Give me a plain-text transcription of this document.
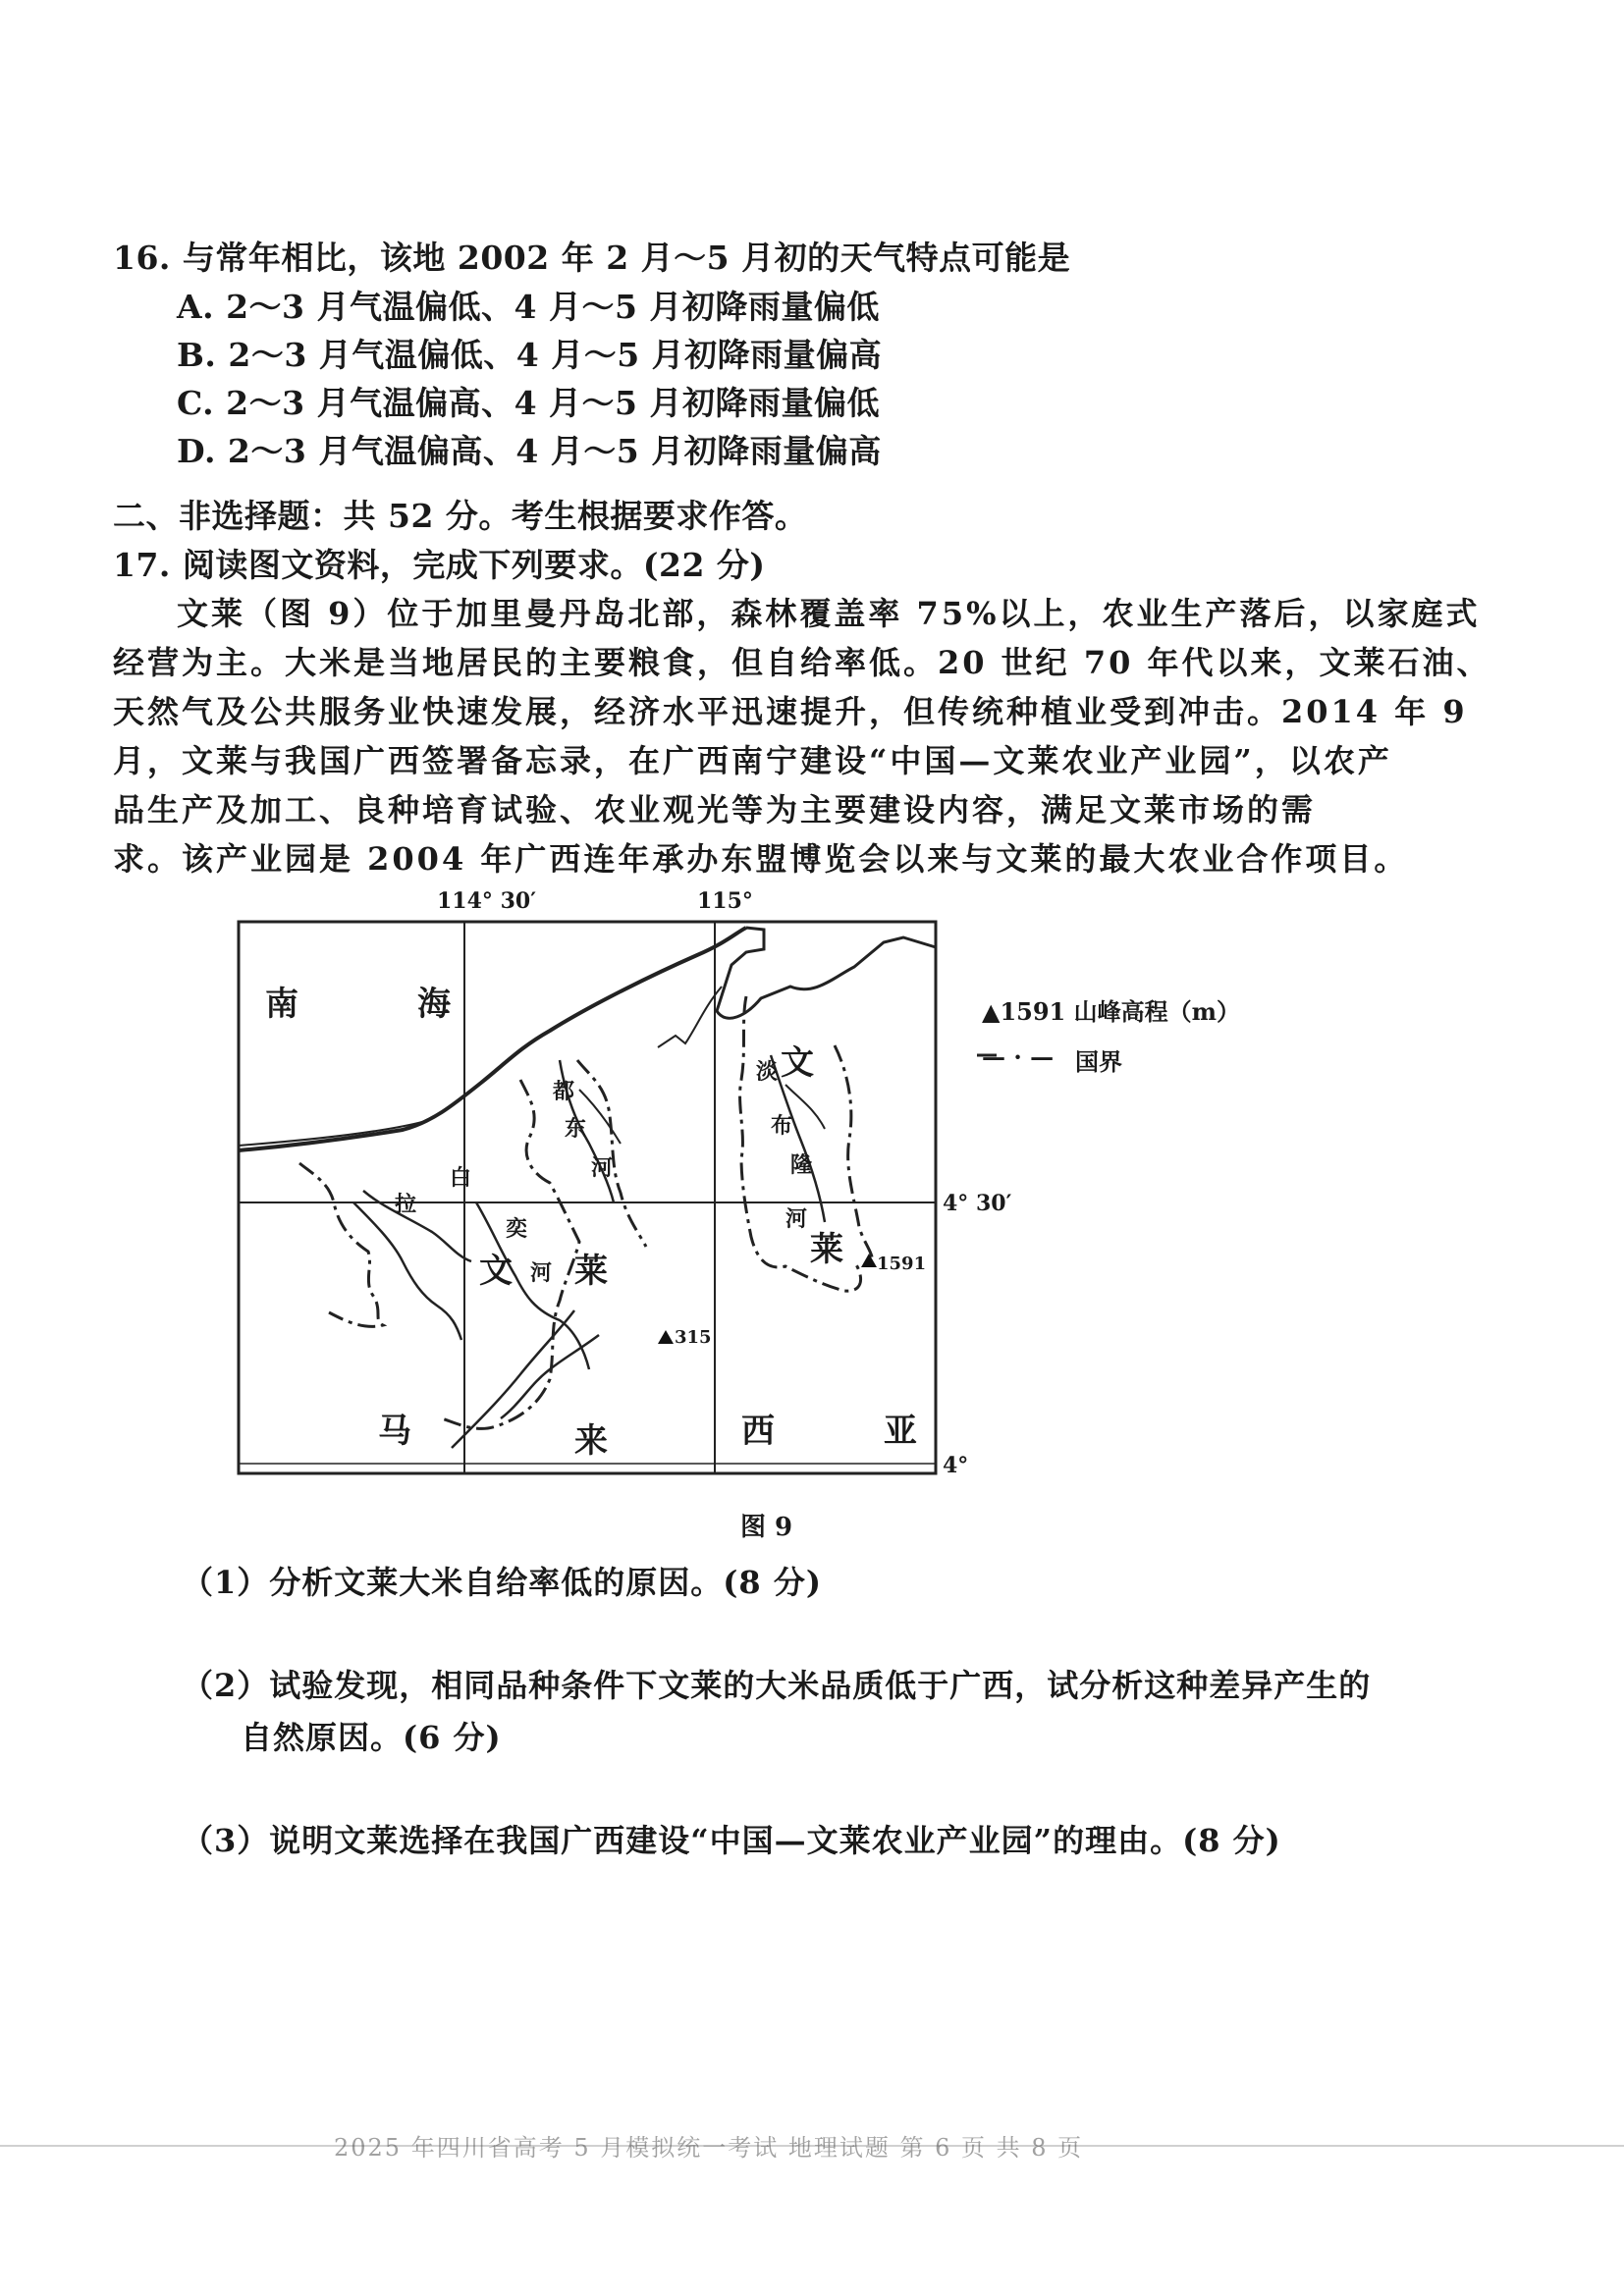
16. 与常年相比，该地 2002 年 2 月～5 月初的天气特点可能是
A. 2～3 月气温偏低、4 月～5 月初降雨量偏低
B. 2～3 月气温偏低、4 月～5 月初降雨量偏高
C. 2～3 月气温偏高、4 月～5 月初降雨量偏低
D. 2～3 月气温偏高、4 月～5 月初降雨量偏高
二、非选择题：共 52 分。考生根据要求作答。
17. 阅读图文资料，完成下列要求。(22 分)
文莱（图 9）位于加里曼丹岛北部，森林覆盖率 75%以上，农业生产落后，以家庭式
经营为主。大米是当地居民的主要粮食，但自给率低。20 世纪 70 年代以来，文莱石油、
天然气及公共服务业快速发展，经济水平迅速提升，但传统种植业受到冲击。2014 年 9
月，文莱与我国广西签署备忘录，在广西南宁建设“中国—文莱农业产业园”，以农产
品生产及加工、良种培育试验、农业观光等为主要建设内容，满足文莱市场的需
求。该产业园是 2004 年广西连年承办东盟博览会以来与文莱的最大农业合作项目。
114° 30′	115°
4° 30′
4°
南	海
文 莱
马	来	西	亚
文
莱
都
东
河
白
拉
奕
河
淡
布
隆
河
315
1591
▲1591 山峰高程（m）
— · — 国界
图 9
（1）分析文莱大米自给率低的原因。(8 分)
（2）试验发现，相同品种条件下文莱的大米品质低于广西，试分析这种差异产生的
自然原因。(6 分)
（3）说明文莱选择在我国广西建设“中国—文莱农业产业园”的理由。(8 分)
2025 年四川省高考 5 月模拟统一考试 地理试题 第 6 页 共 8 页
